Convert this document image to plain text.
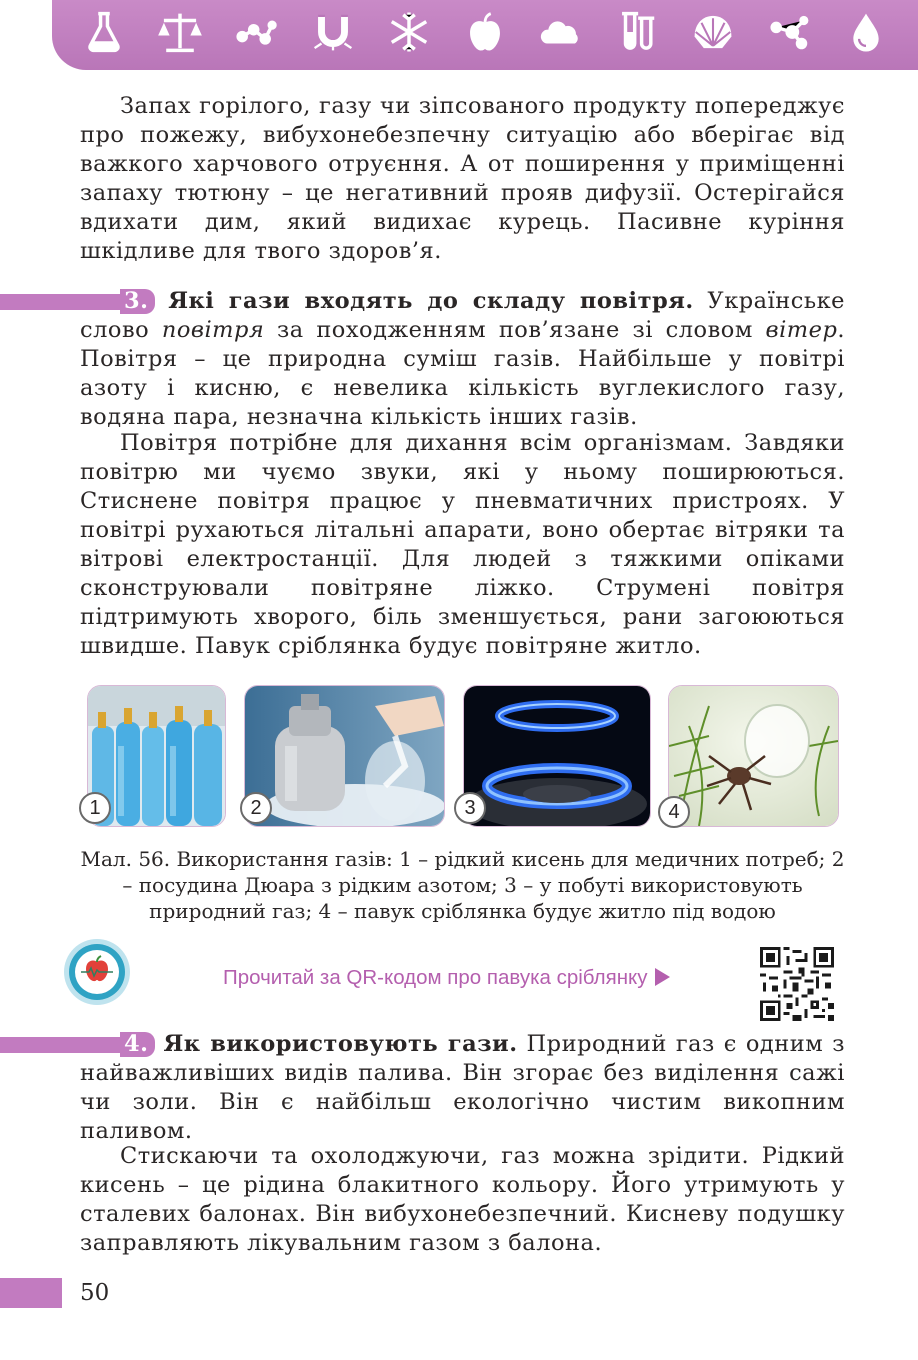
Запах горілого, газу чи зіпсованого продукту попереджує про пожежу, вибухонебезпечну ситуацію або вберігає від важкого харчового отруєння. А от поширення у приміщенні запаху тютюну – це негативний прояв дифузії. Остерігайся вдихати дим, який видихає курець. Пасивне куріння шкідливе для твого здоров’я.

3. Які гази входять до складу повітря. Українське слово повітря за походженням пов’язане зі словом вітер. Повітря – це природна суміш газів. Найбільше у повітрі азоту і кисню, є невелика кількість вуглекислого газу, водяна пара, незначна кількість інших газів.

Повітря потрібне для дихання всім організмам. Завдяки повітрю ми чуємо звуки, які у ньому поширюються. Стиснене повітря працює у пневматичних пристроях. У повітрі рухаються літальні апарати, воно обертає вітряки та вітрові електростанції. Для людей з тяжкими опіками сконструювали повітряне ліжко. Струмені повітря підтримують хворого, біль зменшується, рани загоюються швидше. Павук сріблянка будує повітряне житло.

1	2	3	4

Мал. 56. Використання газів: 1 – рідкий кисень для медичних потреб; 2 – посудина Дюара з рідким азотом; 3 – у побуті використовують природний газ; 4 – павук сріблянка будує житло під водою

Прочитай за QR-кодом про павука сріблянку

4. Як використовують гази. Природний газ є одним з найважливіших видів палива. Він згорає без виділення сажі чи золи. Він є найбільш екологічно чистим викопним паливом.

Стискаючи та охолоджуючи, газ можна зрідити. Рідкий кисень – це рідина блакитного кольору. Його утримують у сталевих балонах. Він вибухонебезпечний. Кисневу подушку заправляють лікувальним газом з балона.

50
